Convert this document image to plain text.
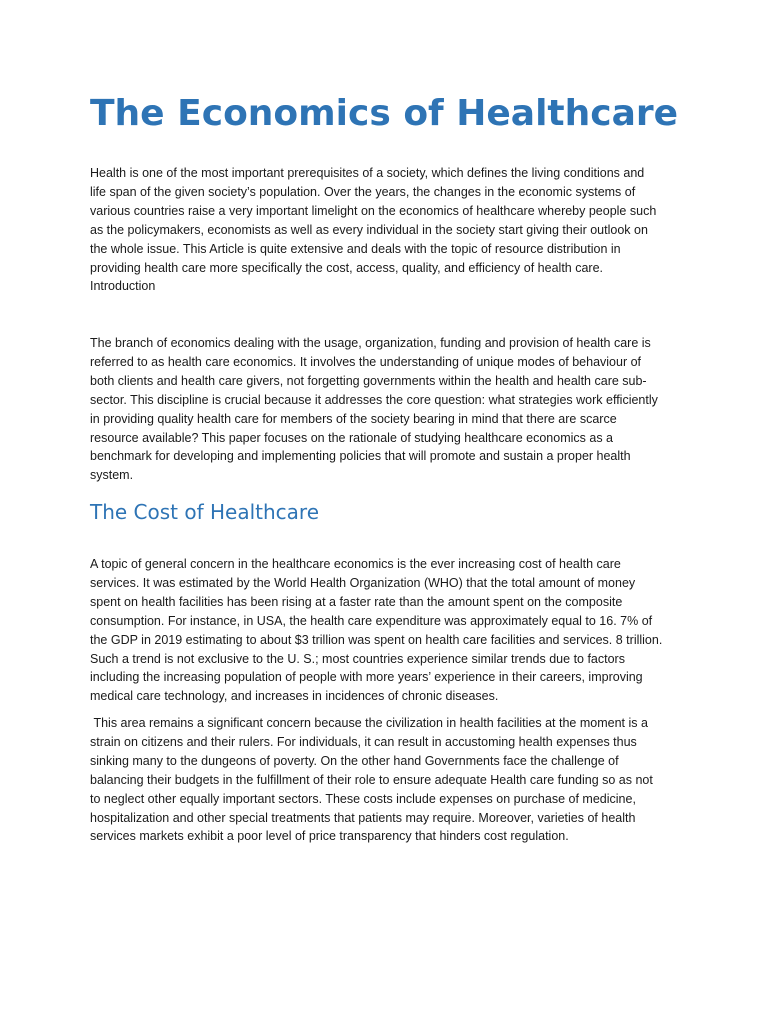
The Economics of Healthcare
Health is one of the most important prerequisites of a society, which defines the living conditions and
life span of the given society’s population. Over the years, the changes in the economic systems of
various countries raise a very important limelight on the economics of healthcare whereby people such
as the policymakers, economists as well as every individual in the society start giving their outlook on
the whole issue. This Article is quite extensive and deals with the topic of resource distribution in
providing health care more specifically the cost, access, quality, and efficiency of health care.
Introduction
The branch of economics dealing with the usage, organization, funding and provision of health care is
referred to as health care economics. It involves the understanding of unique modes of behaviour of
both clients and health care givers, not forgetting governments within the health and health care sub-
sector. This discipline is crucial because it addresses the core question: what strategies work efficiently
in providing quality health care for members of the society bearing in mind that there are scarce
resource available? This paper focuses on the rationale of studying healthcare economics as a
benchmark for developing and implementing policies that will promote and sustain a proper health
system.
The Cost of Healthcare
A topic of general concern in the healthcare economics is the ever increasing cost of health care
services. It was estimated by the World Health Organization (WHO) that the total amount of money
spent on health facilities has been rising at a faster rate than the amount spent on the composite
consumption. For instance, in USA, the health care expenditure was approximately equal to 16. 7% of
the GDP in 2019 estimating to about $3 trillion was spent on health care facilities and services. 8 trillion.
Such a trend is not exclusive to the U. S.; most countries experience similar trends due to factors
including the increasing population of people with more years’ experience in their careers, improving
medical care technology, and increases in incidences of chronic diseases.
This area remains a significant concern because the civilization in health facilities at the moment is a
strain on citizens and their rulers. For individuals, it can result in accustoming health expenses thus
sinking many to the dungeons of poverty. On the other hand Governments face the challenge of
balancing their budgets in the fulfillment of their role to ensure adequate Health care funding so as not
to neglect other equally important sectors. These costs include expenses on purchase of medicine,
hospitalization and other special treatments that patients may require. Moreover, varieties of health
services markets exhibit a poor level of price transparency that hinders cost regulation.
